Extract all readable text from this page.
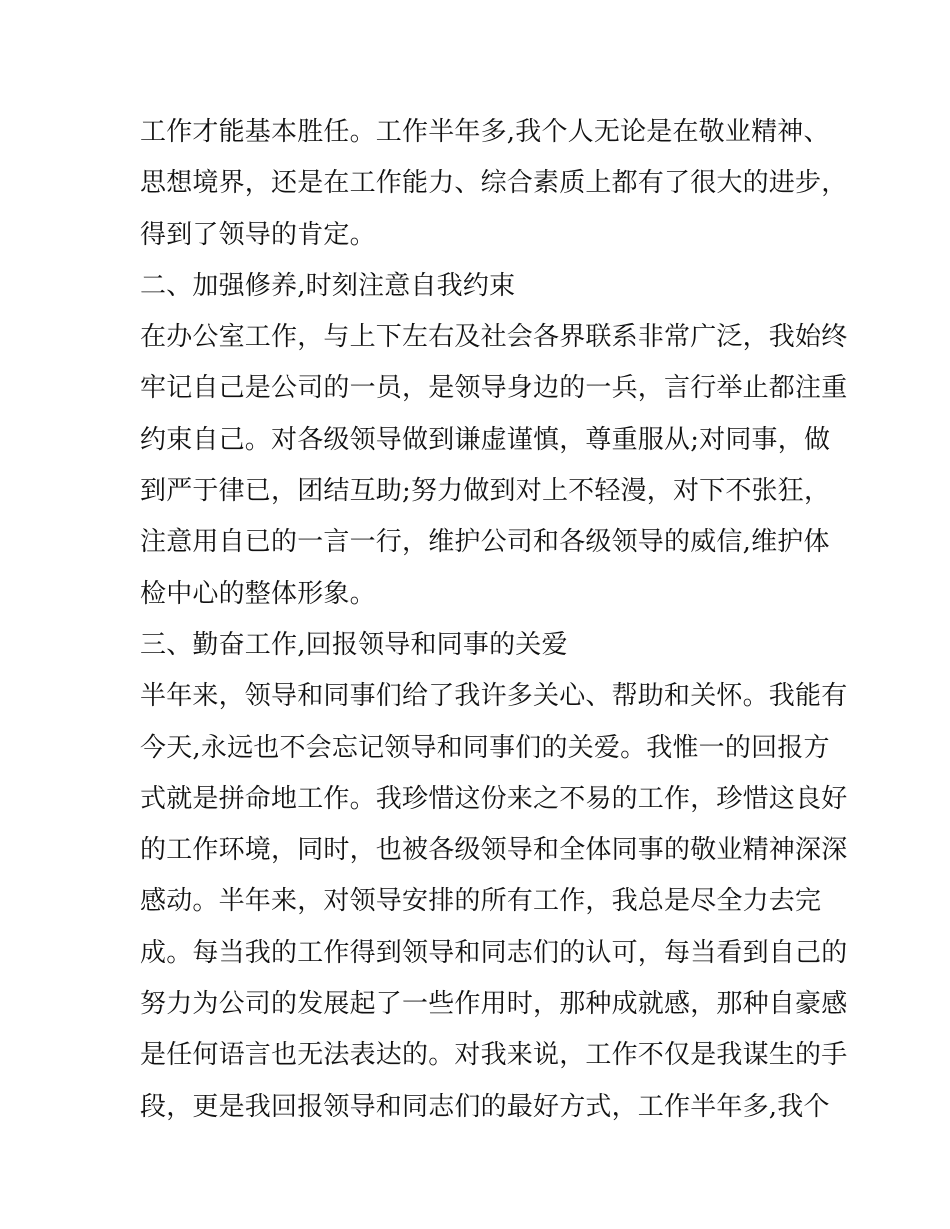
工作才能基本胜任。工作半年多,我个人无论是在敬业精神、
思想境界，还是在工作能力、综合素质上都有了很大的进步，
得到了领导的肯定。
二、加强修养,时刻注意自我约束
在办公室工作，与上下左右及社会各界联系非常广泛，我始终
牢记自己是公司的一员，是领导身边的一兵，言行举止都注重
约束自己。对各级领导做到谦虚谨慎，尊重服从;对同事，做
到严于律已，团结互助;努力做到对上不轻漫，对下不张狂，
注意用自已的一言一行，维护公司和各级领导的威信,维护体
检中心的整体形象。
三、勤奋工作,回报领导和同事的关爱
半年来，领导和同事们给了我许多关心、帮助和关怀。我能有
今天,永远也不会忘记领导和同事们的关爱。我惟一的回报方
式就是拼命地工作。我珍惜这份来之不易的工作，珍惜这良好
的工作环境，同时，也被各级领导和全体同事的敬业精神深深
感动。半年来，对领导安排的所有工作，我总是尽全力去完
成。每当我的工作得到领导和同志们的认可，每当看到自己的
努力为公司的发展起了一些作用时，那种成就感，那种自豪感
是任何语言也无法表达的。对我来说，工作不仅是我谋生的手
段，更是我回报领导和同志们的最好方式，工作半年多,我个
